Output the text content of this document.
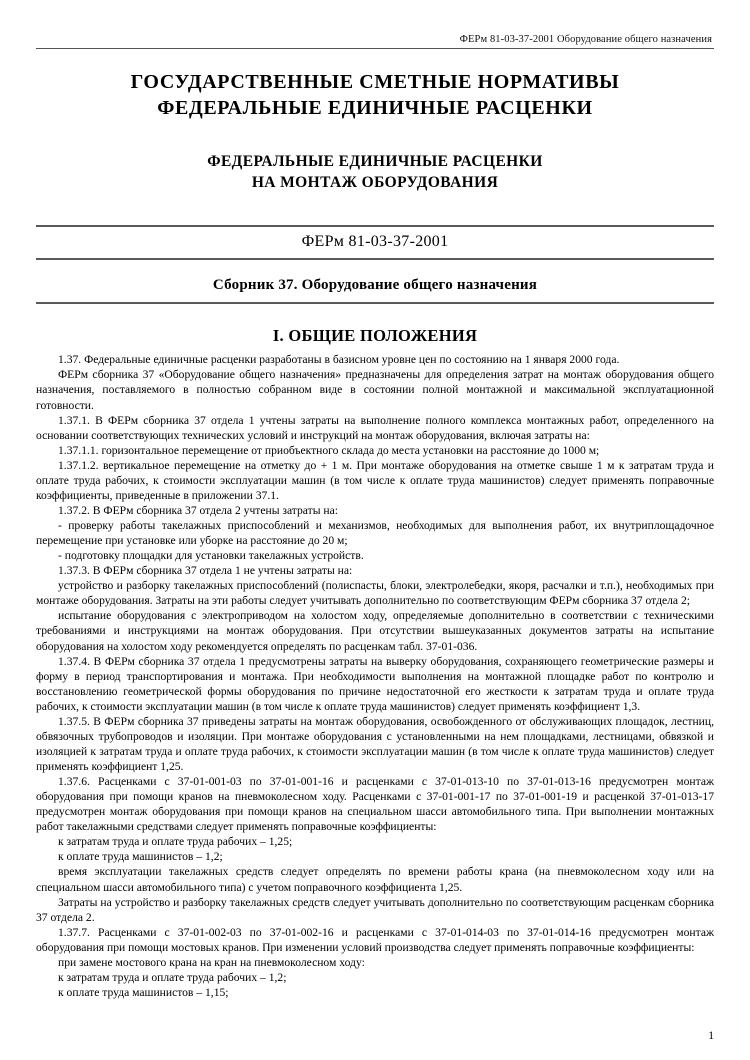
ФЕРм 81-03-37-2001 Оборудование общего назначения
ГОСУДАРСТВЕННЫЕ СМЕТНЫЕ НОРМАТИВЫ
ФЕДЕРАЛЬНЫЕ ЕДИНИЧНЫЕ РАСЦЕНКИ
ФЕДЕРАЛЬНЫЕ ЕДИНИЧНЫЕ РАСЦЕНКИ
НА МОНТАЖ ОБОРУДОВАНИЯ
ФЕРм 81-03-37-2001
Сборник 37. Оборудование общего назначения
I. ОБЩИЕ ПОЛОЖЕНИЯ

1.37. Федеральные единичные расценки разработаны в базисном уровне цен по состоянию на 1 января 2000 года.

ФЕРм сборника 37 «Оборудование общего назначения» предназначены для определения затрат на монтаж оборудования общего назначения, поставляемого в полностью собранном виде в состоянии полной монтажной и максимальной эксплуатационной готовности.

1.37.1. В ФЕРм сборника 37 отдела 1 учтены затраты на выполнение полного комплекса монтажных работ, определенного на основании соответствующих технических условий и инструкций на монтаж оборудования, включая затраты на:

1.37.1.1. горизонтальное перемещение от приобъектного склада до места установки на расстояние до 1000 м;

1.37.1.2. вертикальное перемещение на отметку до + 1 м. При монтаже оборудования на отметке свыше 1 м к затратам труда и оплате труда рабочих, к стоимости эксплуатации машин (в том числе к оплате труда машинистов) следует применять поправочные коэффициенты, приведенные в приложении 37.1.

1.37.2. В ФЕРм сборника 37 отдела 2 учтены затраты на:

- проверку работы такелажных приспособлений и механизмов, необходимых для выполнения работ, их внутриплощадочное перемещение при установке или уборке на расстояние до 20 м;

- подготовку площадки для установки такелажных устройств.

1.37.3. В ФЕРм сборника 37 отдела 1 не учтены затраты на:

устройство и разборку такелажных приспособлений (полиспасты, блоки, электролебедки, якоря, расчалки и т.п.), необходимых при монтаже оборудования. Затраты на эти работы следует учитывать дополнительно по соответствующим ФЕРм сборника 37 отдела 2;

испытание оборудования с электроприводом на холостом ходу, определяемые дополнительно в соответствии с техническими требованиями и инструкциями на монтаж оборудования. При отсутствии вышеуказанных документов затраты на испытание оборудования на холостом ходу рекомендуется определять по расценкам табл. 37-01-036.

1.37.4. В ФЕРм сборника 37 отдела 1 предусмотрены затраты на выверку оборудования, сохраняющего геометрические размеры и форму в период транспортирования и монтажа. При необходимости выполнения на монтажной площадке работ по контролю и восстановлению геометрической формы оборудования по причине недостаточной его жесткости к затратам труда и оплате труда рабочих, к стоимости эксплуатации машин (в том числе к оплате труда машинистов) следует применять коэффициент 1,3.

1.37.5. В ФЕРм сборника 37 приведены затраты на монтаж оборудования, освобожденного от обслуживающих площадок, лестниц, обвязочных трубопроводов и изоляции. При монтаже оборудования с установленными на нем площадками, лестницами, обвязкой и изоляцией к затратам труда и оплате труда рабочих, к стоимости эксплуатации машин (в том числе к оплате труда машинистов) следует применять коэффициент 1,25.

1.37.6. Расценками с 37-01-001-03 по 37-01-001-16 и расценками с 37-01-013-10 по 37-01-013-16 предусмотрен монтаж оборудования при помощи кранов на пневмоколесном ходу. Расценками с 37-01-001-17 по 37-01-001-19 и расценкой 37-01-013-17 предусмотрен монтаж оборудования при помощи кранов на специальном шасси автомобильного типа. При выполнении монтажных работ такелажными средствами следует применять поправочные коэффициенты:

к затратам труда и оплате труда рабочих – 1,25;

к оплате труда машинистов – 1,2;

время эксплуатации такелажных средств следует определять по времени работы крана (на пневмоколесном ходу или на специальном шасси автомобильного типа) с учетом поправочного коэффициента 1,25.

Затраты на устройство и разборку такелажных средств следует учитывать дополнительно по соответствующим расценкам сборника 37 отдела 2.

1.37.7. Расценками с 37-01-002-03 по 37-01-002-16 и расценками с 37-01-014-03 по 37-01-014-16 предусмотрен монтаж оборудования при помощи мостовых кранов. При изменении условий производства следует применять поправочные коэффициенты:

при замене мостового крана на кран на пневмоколесном ходу:

к затратам труда и оплате труда рабочих – 1,2;

к оплате труда машинистов – 1,15;

1
